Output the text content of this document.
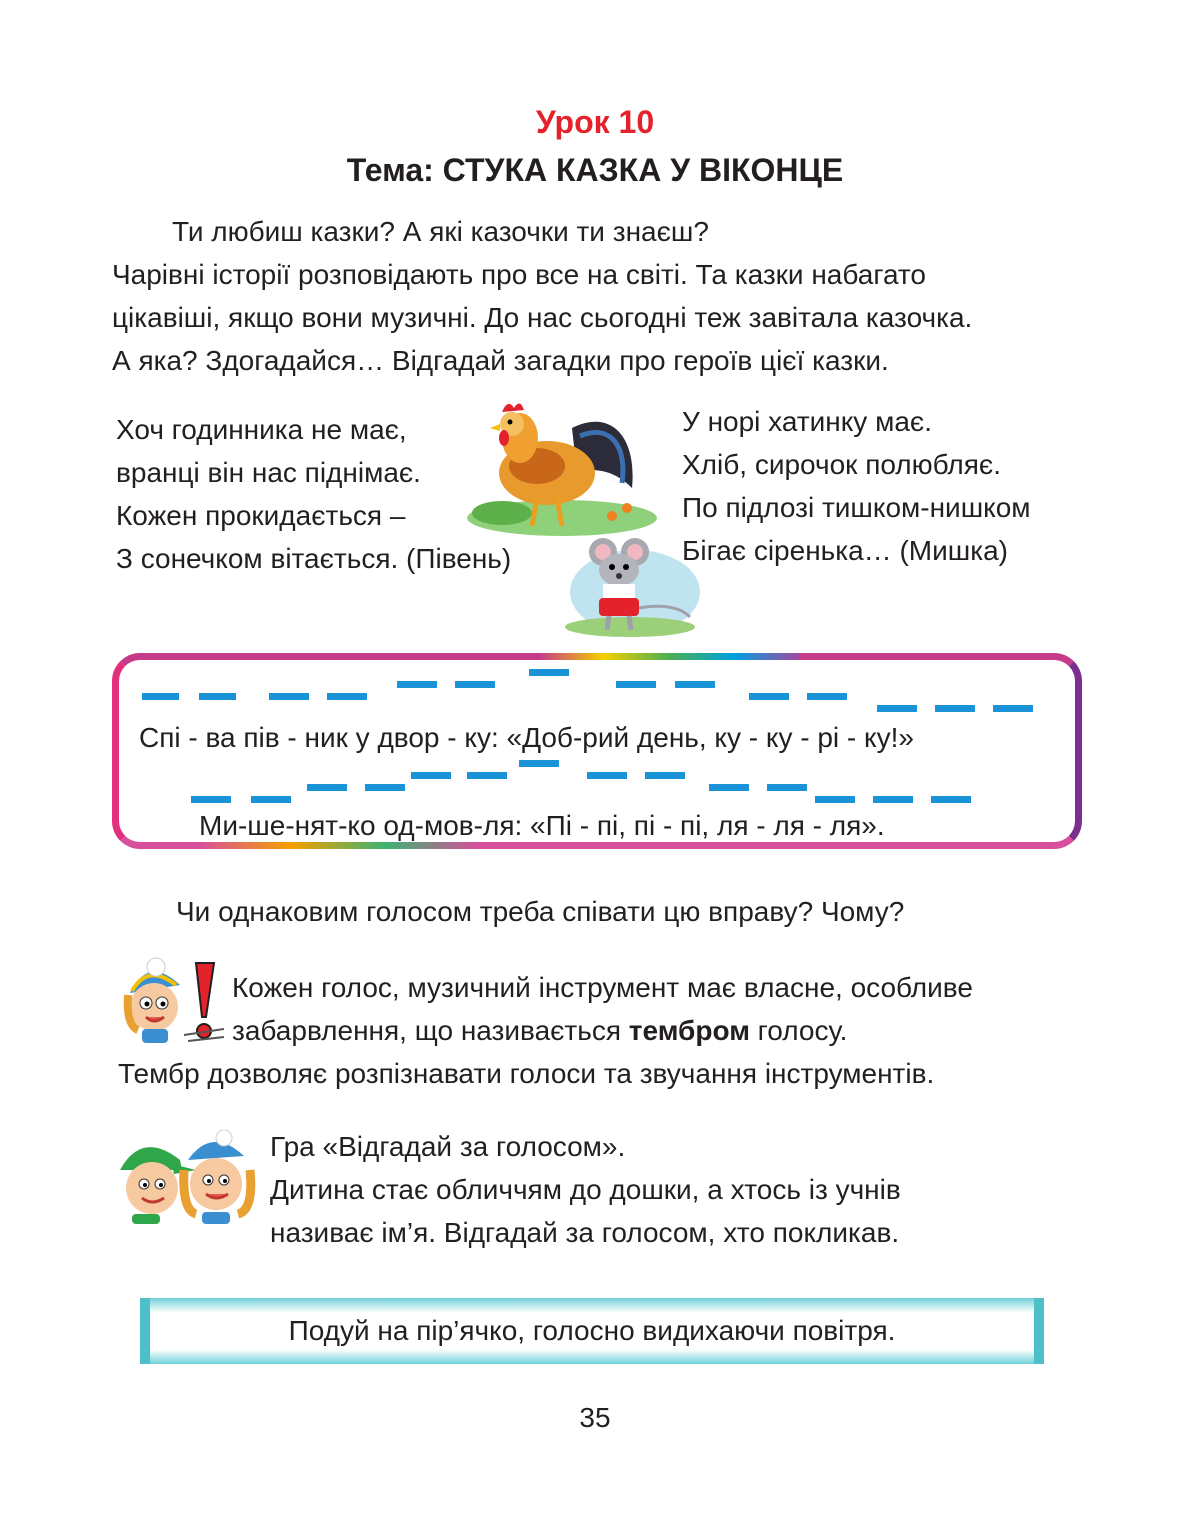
Урок 10
Тема: СТУКА КАЗКА У ВІКОНЦЕ
Ти любиш казки? А які казочки ти знаєш?
Чарівні історії розповідають про все на світі. Та казки набагато
цікавіші, якщо вони музичні. До нас сьогодні теж завітала казочка.
А яка? Здогадайся… Відгадай загадки про героїв цієї казки.
Хоч годинника не має,
вранці він нас піднімає.
Кожен прокидається –
З сонечком вітається. (Півень)
У норі хатинку має.
Хліб, сирочок полюбляє.
По підлозі тишком-нишком
Бігає сіренька… (Мишка)
Спі - ва пів - ник у двор - ку: «Доб-рий день, ку - ку - рі - ку!»
Ми-ше-нят-ко од-мов-ля: «Пі - пі, пі - пі, ля - ля - ля».
Чи однаковим голосом треба співати цю вправу? Чому?
Кожен голос, музичний інструмент має власне, особливе
забарвлення, що називається тембром голосу.
Тембр дозволяє розпізнавати голоси та звучання інструментів.
Гра «Відгадай за голосом».
Дитина стає обличчям до дошки, а хтось із учнів
називає ім’я. Відгадай за голосом, хто покликав.
Подуй на пір’ячко, голосно видихаючи повітря.
35
